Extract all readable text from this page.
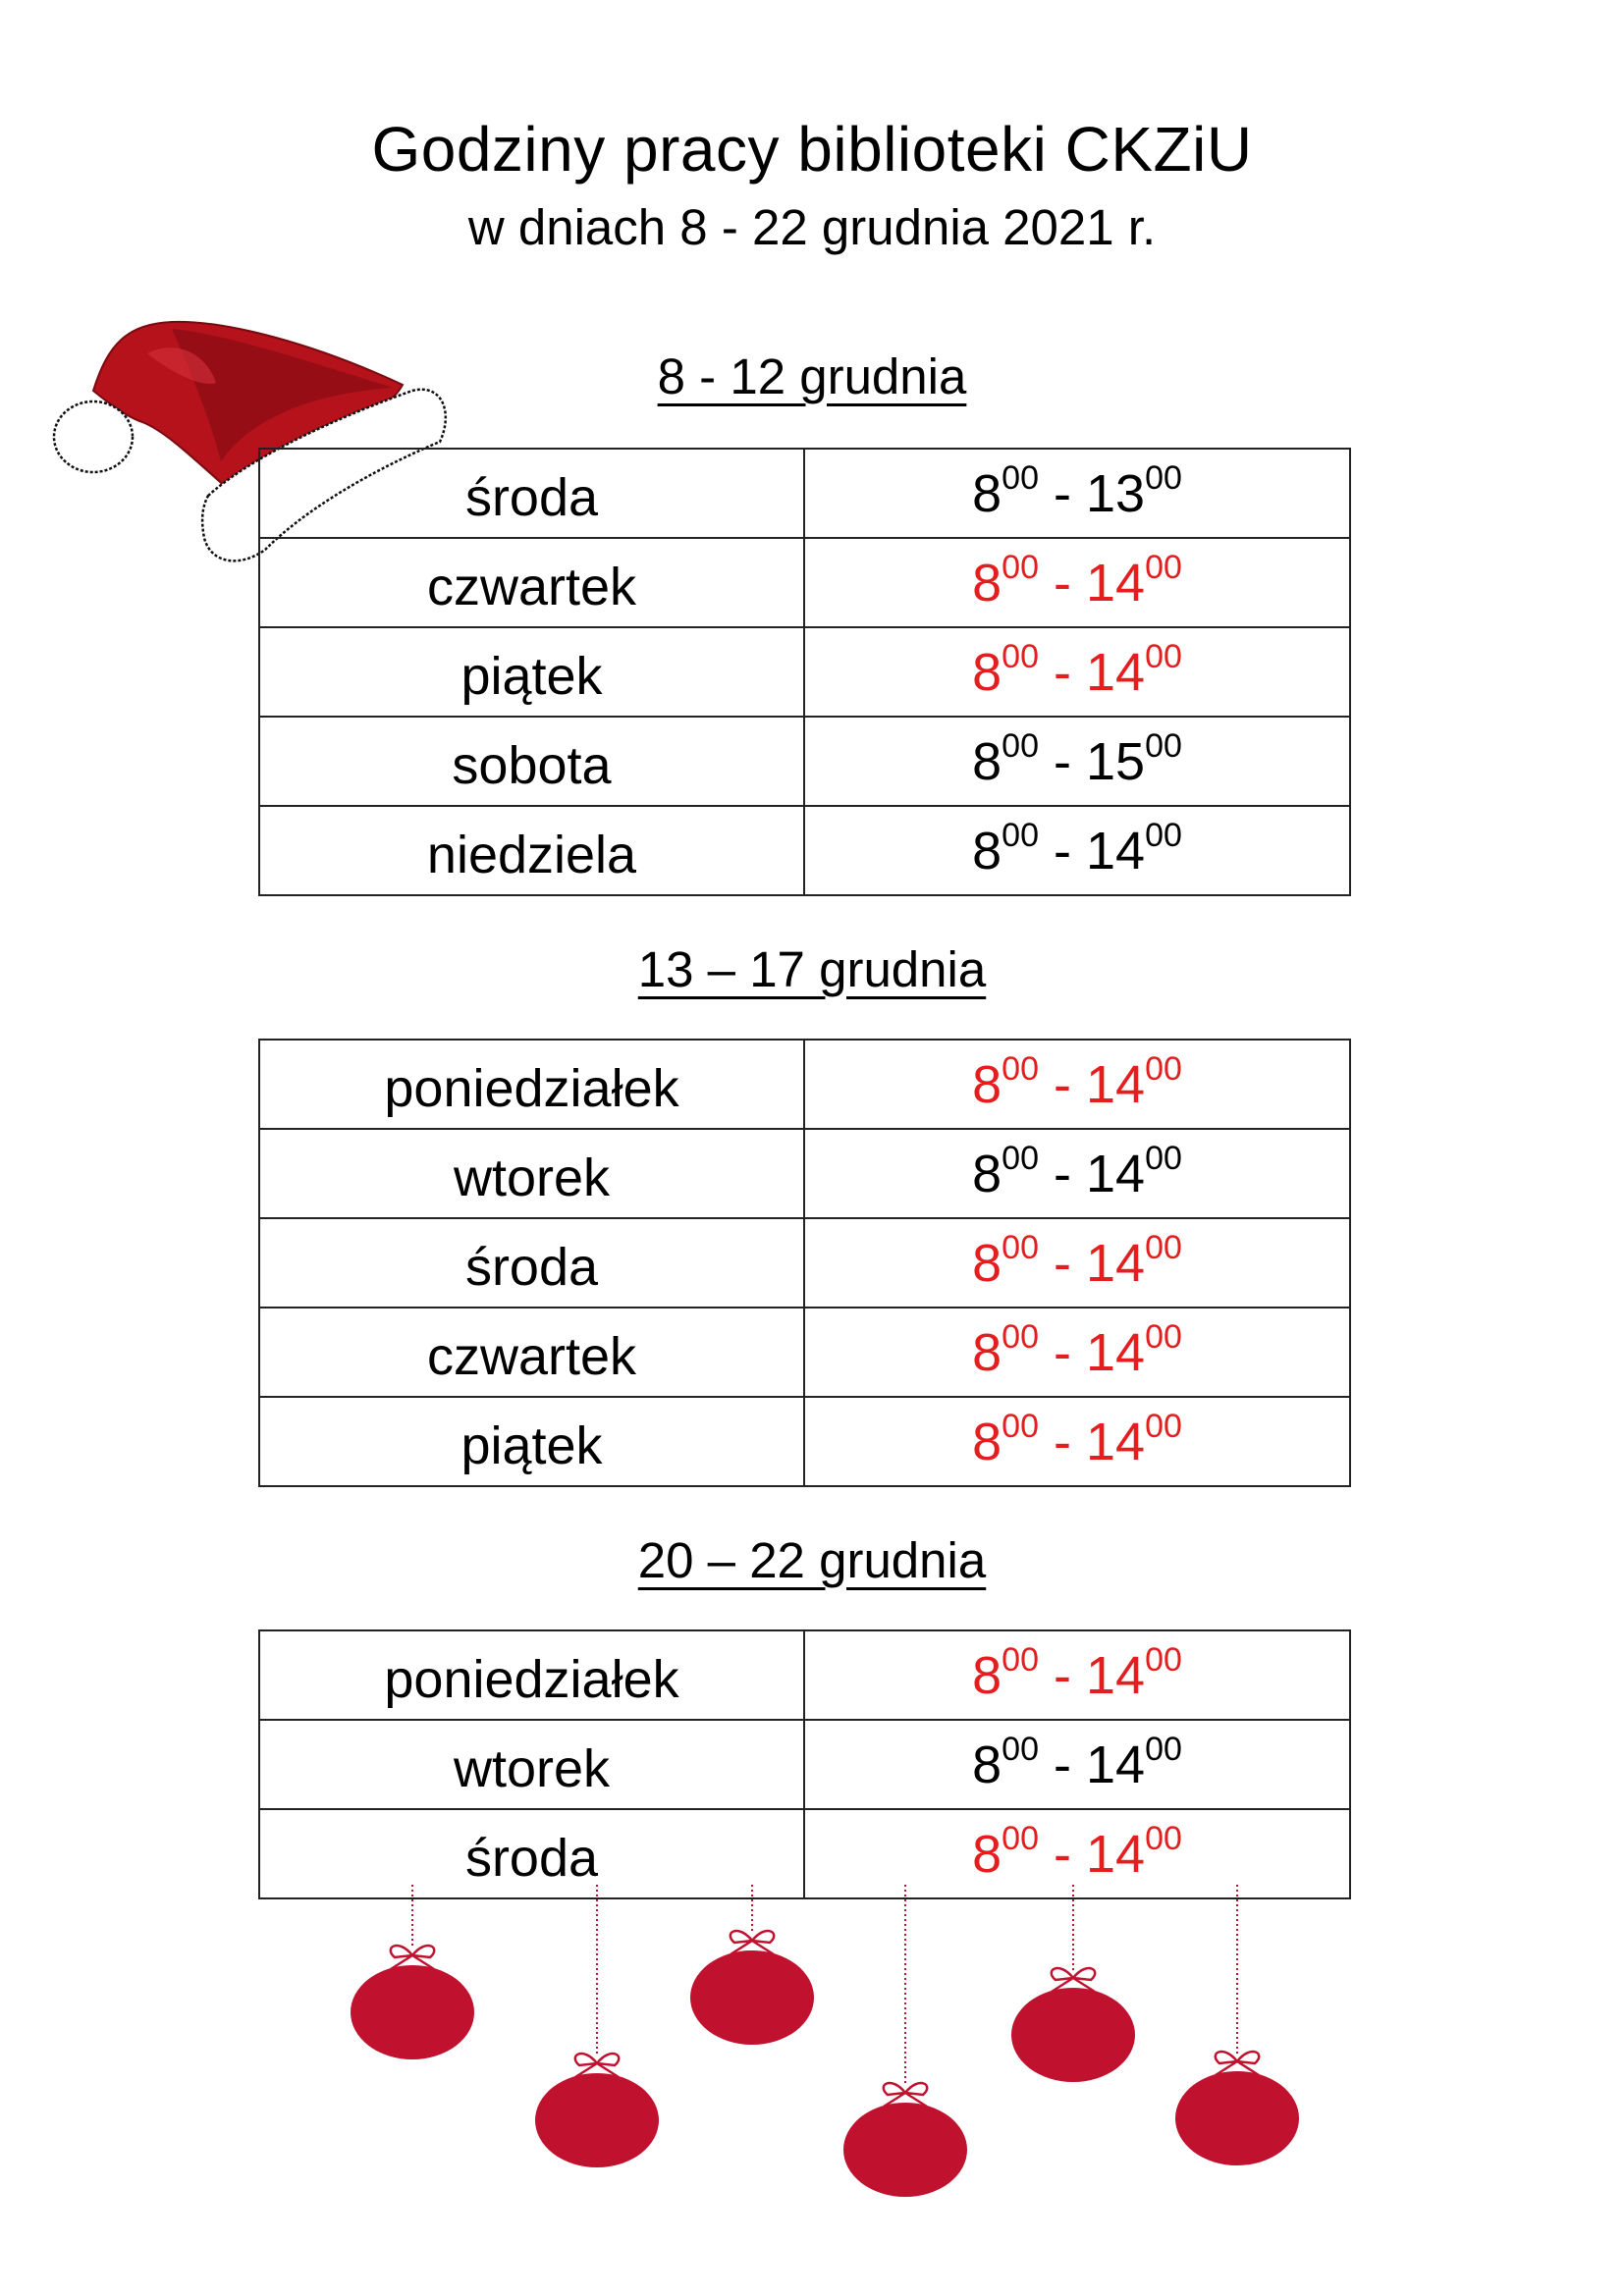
Godziny pracy biblioteki CKZiU
w dniach 8 - 22 grudnia 2021 r.
8 - 12 grudnia
środa	$8^{00} - 13^{00}$
czwartek	$8^{00} - 14^{00}$
piątek	$8^{00} - 14^{00}$
sobota	$8^{00} - 15^{00}$
niedziela	$8^{00} - 14^{00}$
13 – 17 grudnia
poniedziałek	$8^{00} - 14^{00}$
wtorek	$8^{00} - 14^{00}$
środa	$8^{00} - 14^{00}$
czwartek	$8^{00} - 14^{00}$
piątek	$8^{00} - 14^{00}$
20 – 22 grudnia
poniedziałek	$8^{00} - 14^{00}$
wtorek	$8^{00} - 14^{00}$
środa	$8^{00} - 14^{00}$
